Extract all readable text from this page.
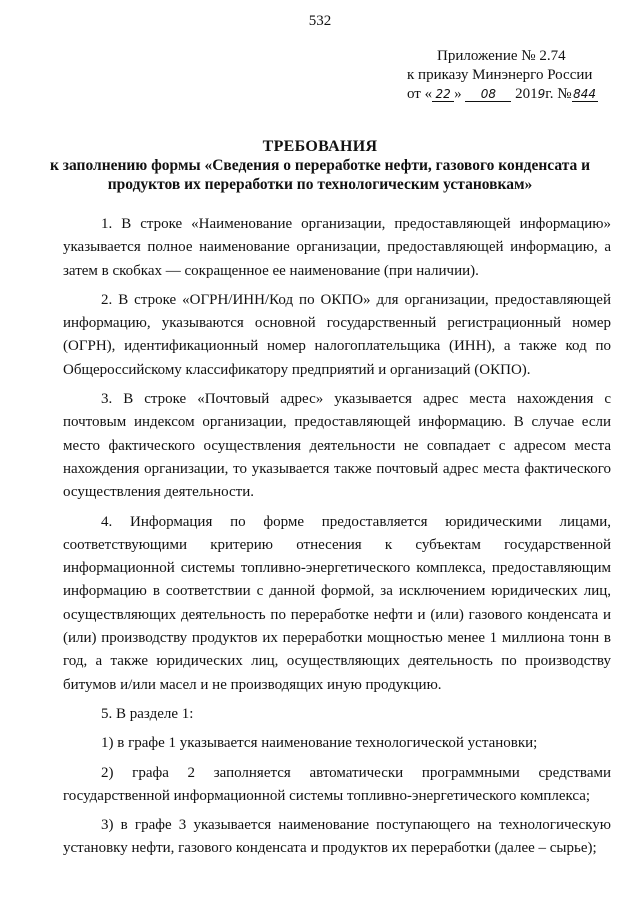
532
Приложение № 2.74
к приказу Минэнерго России
от « 22 » 08 2019г. № 844
ТРЕБОВАНИЯ
к заполнению формы «Сведения о переработке нефти, газового конденсата и
продуктов их переработки по технологическим установкам»

1. В строке «Наименование организации, предоставляющей информацию» указывается полное наименование организации, предоставляющей информацию, а затем в скобках — сокращенное ее наименование (при наличии).

2. В строке «ОГРН/ИНН/Код по ОКПО» для организации, предоставляющей информацию, указываются основной государственный регистрационный номер (ОГРН), идентификационный номер налогоплательщика (ИНН), а также код по Общероссийскому классификатору предприятий и организаций (ОКПО).

3. В строке «Почтовый адрес» указывается адрес места нахождения с почтовым индексом организации, предоставляющей информацию. В случае если место фактического осуществления деятельности не совпадает с адресом места нахождения организации, то указывается также почтовый адрес места фактического осуществления деятельности.

4. Информация по форме предоставляется юридическими лицами, соответствующими критерию отнесения к субъектам государственной информационной системы топливно-энергетического комплекса, предоставляющим информацию в соответствии с данной формой, за исключением юридических лиц, осуществляющих деятельность по переработке нефти и (или) газового конденсата и (или) производству продуктов их переработки мощностью менее 1 миллиона тонн в год, а также юридических лиц, осуществляющих деятельность по производству битумов и/или масел и не производящих иную продукцию.

5. В разделе 1:

1) в графе 1 указывается наименование технологической установки;

2) графа 2 заполняется автоматически программными средствами государственной информационной системы топливно-энергетического комплекса;

3) в графе 3 указывается наименование поступающего на технологическую установку нефти, газового конденсата и продуктов их переработки (далее – сырье);
